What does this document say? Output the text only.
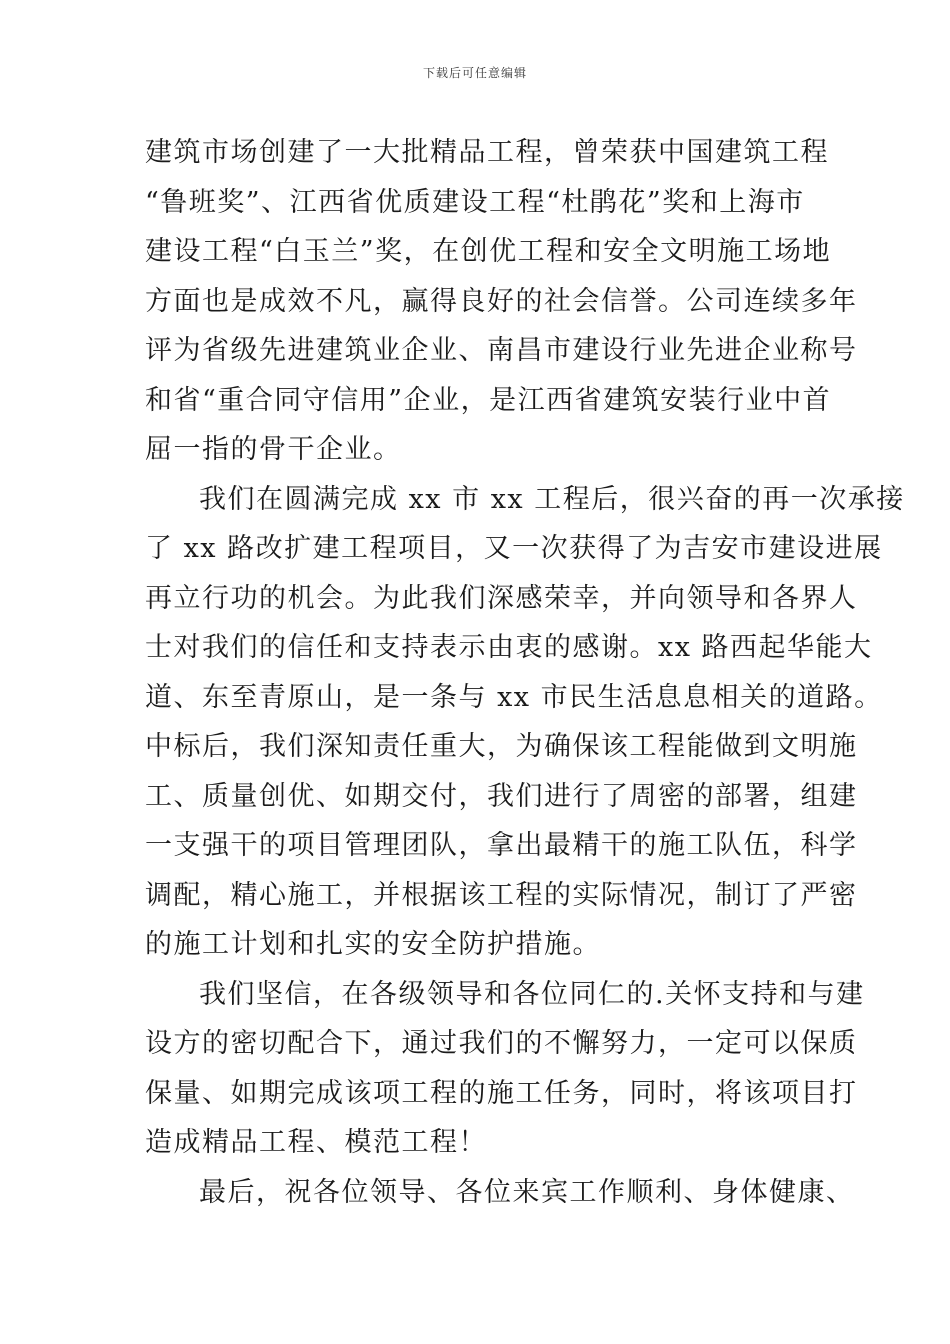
下载后可任意编辑
建筑市场创建了一大批精品工程，曾荣获中国建筑工程
“鲁班奖”、江西省优质建设工程“杜鹃花”奖和上海市
建设工程“白玉兰”奖，在创优工程和安全文明施工场地
方面也是成效不凡，赢得良好的社会信誉。公司连续多年
评为省级先进建筑业企业、南昌市建设行业先进企业称号
和省“重合同守信用”企业，是江西省建筑安装行业中首
屈一指的骨干企业。
我们在圆满完成 xx 市 xx 工程后，很兴奋的再一次承接
了 xx 路改扩建工程项目，又一次获得了为吉安市建设进展
再立行功的机会。为此我们深感荣幸，并向领导和各界人
士对我们的信任和支持表示由衷的感谢。xx 路西起华能大
道、东至青原山，是一条与 xx 市民生活息息相关的道路。
中标后，我们深知责任重大，为确保该工程能做到文明施
工、质量创优、如期交付，我们进行了周密的部署，组建
一支强干的项目管理团队，拿出最精干的施工队伍，科学
调配，精心施工，并根据该工程的实际情况，制订了严密
的施工计划和扎实的安全防护措施。
我们坚信，在各级领导和各位同仁的.关怀支持和与建
设方的密切配合下，通过我们的不懈努力，一定可以保质
保量、如期完成该项工程的施工任务，同时，将该项目打
造成精品工程、模范工程！
最后，祝各位领导、各位来宾工作顺利、身体健康、
